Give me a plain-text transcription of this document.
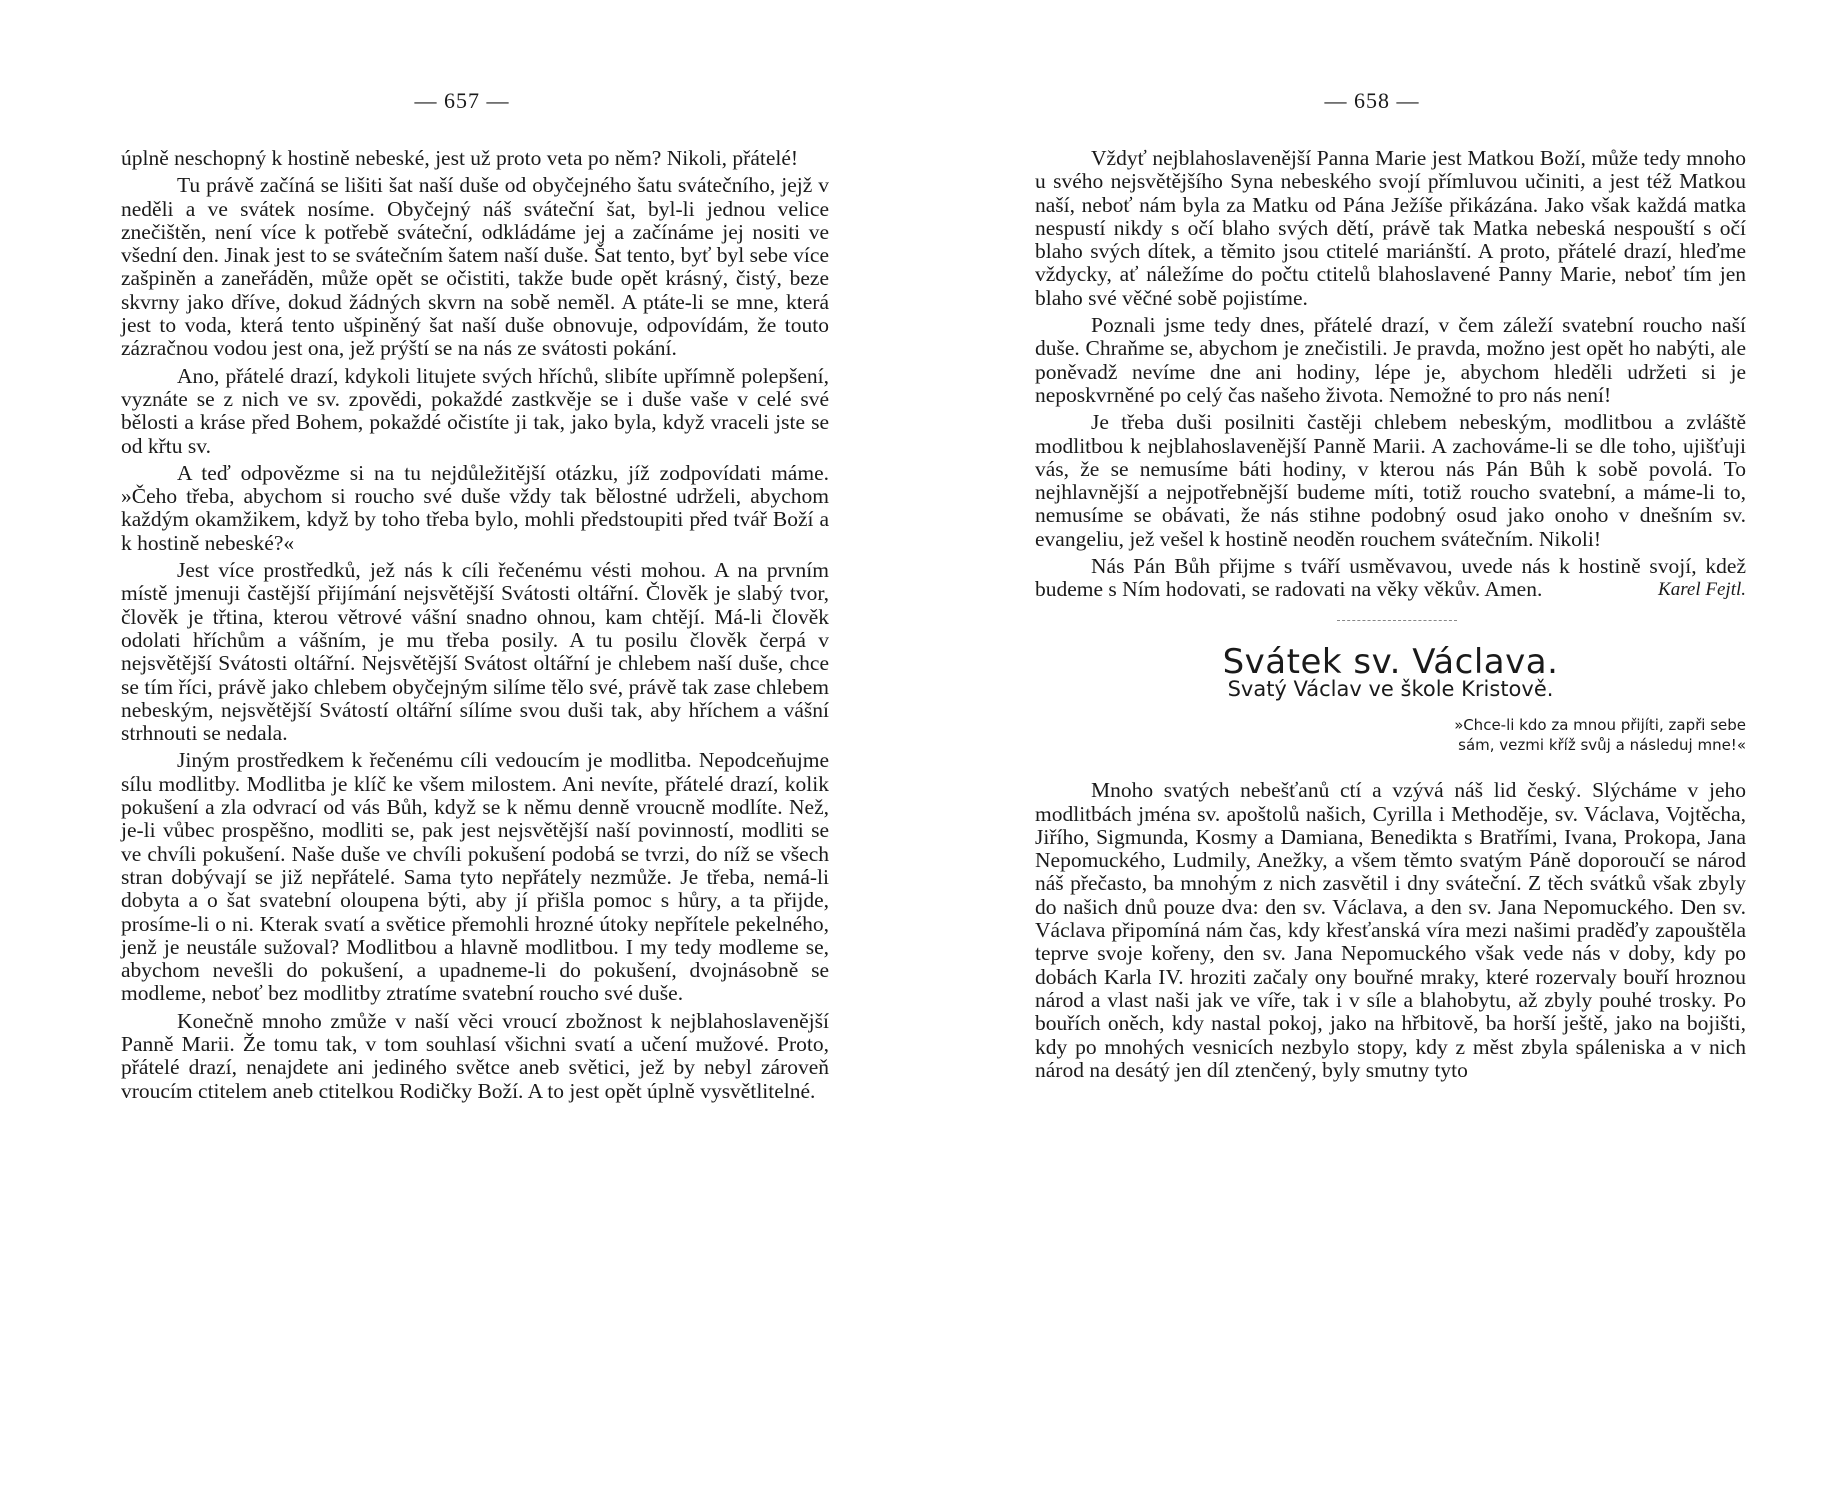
— 657 —

úplně neschopný k hostině nebeské, jest už proto veta po něm? Nikoli, přátelé!

Tu právě začíná se lišiti šat naší duše od obyčejného šatu svátečního, jejž v neděli a ve svátek nosíme. Obyčejný náš sváteční šat, byl-li jednou velice znečištěn, není více k potřebě sváteční, odkládáme jej a začínáme jej nositi ve všední den. Jinak jest to se svátečním šatem naší duše. Šat tento, byť byl sebe více zašpiněn a zaneřáděn, může opět se očistiti, takže bude opět krásný, čistý, beze skvrny jako dříve, dokud žádných skvrn na sobě neměl. A ptáte-li se mne, která jest to voda, která tento ušpiněný šat naší duše obnovuje, odpovídám, že touto zázračnou vodou jest ona, jež prýští se na nás ze svátosti pokání.

Ano, přátelé drazí, kdykoli litujete svých hříchů, slibíte upřímně polepšení, vyznáte se z nich ve sv. zpovědi, pokaždé zastkvěje se i duše vaše v celé své bělosti a kráse před Bohem, pokaždé očistíte ji tak, jako byla, když vraceli jste se od křtu sv.

A teď odpovězme si na tu nejdůležitější otázku, jíž zodpovídati máme. »Čeho třeba, abychom si roucho své duše vždy tak bělostné udrželi, abychom každým okamžikem, když by toho třeba bylo, mohli předstoupiti před tvář Boží a k hostině nebeské?«

Jest více prostředků, jež nás k cíli řečenému vésti mohou. A na prvním místě jmenuji častější přijímání nejsvětější Svátosti oltářní. Člověk je slabý tvor, člověk je třtina, kterou větrové vášní snadno ohnou, kam chtějí. Má-li člověk odolati hříchům a vášním, je mu třeba posily. A tu posilu člověk čerpá v nejsvětější Svátosti oltářní. Nejsvětější Svátost oltářní je chlebem naší duše, chce se tím říci, právě jako chlebem obyčejným silíme tělo své, právě tak zase chlebem nebeským, nejsvětější Svátostí oltářní sílíme svou duši tak, aby hříchem a vášní strhnouti se nedala.

Jiným prostředkem k řečenému cíli vedoucím je modlitba. Nepodceňujme sílu modlitby. Modlitba je klíč ke všem milostem. Ani nevíte, přátelé drazí, kolik pokušení a zla odvrací od vás Bůh, když se k němu denně vroucně modlíte. Než, je-li vůbec prospěšno, modliti se, pak jest nejsvětější naší povinností, modliti se ve chvíli pokušení. Naše duše ve chvíli pokušení podobá se tvrzi, do níž se všech stran dobývají se již nepřátelé. Sama tyto nepřátely nezmůže. Je třeba, nemá-li dobyta a o šat svatební oloupena býti, aby jí přišla pomoc s hůry, a ta přijde, prosíme-li o ni. Kterak svatí a světice přemohli hrozné útoky nepřítele pekelného, jenž je neustále sužoval? Modlitbou a hlavně modlitbou. I my tedy modleme se, abychom nevešli do pokušení, a upadneme-li do pokušení, dvojnásobně se modleme, neboť bez modlitby ztratíme svatební roucho své duše.

Konečně mnoho zmůže v naší věci vroucí zbožnost k nejblahoslavenější Panně Marii. Že tomu tak, v tom souhlasí všichni svatí a učení mužové. Proto, přátelé drazí, nenajdete ani jediného světce aneb světici, jež by nebyl zároveň vroucím ctitelem aneb ctitelkou Rodičky Boží. A to jest opět úplně vysvětlitelné.

— 658 —

Vždyť nejblahoslavenější Panna Marie jest Matkou Boží, může tedy mnoho u svého nejsvětějšího Syna nebeského svojí přímluvou učiniti, a jest též Matkou naší, neboť nám byla za Matku od Pána Ježíše přikázána. Jako však každá matka nespustí nikdy s očí blaho svých dětí, právě tak Matka nebeská nespouští s očí blaho svých dítek, a těmito jsou ctitelé mariánští. A proto, přátelé drazí, hleďme vždycky, ať náležíme do počtu ctitelů blahoslavené Panny Marie, neboť tím jen blaho své věčné sobě pojistíme.

Poznali jsme tedy dnes, přátelé drazí, v čem záleží svatební roucho naší duše. Chraňme se, abychom je znečistili. Je pravda, možno jest opět ho nabýti, ale poněvadž nevíme dne ani hodiny, lépe je, abychom hleděli udržeti si je neposkvrněné po celý čas našeho života. Nemožné to pro nás není!

Je třeba duši posilniti častěji chlebem nebeským, modlitbou a zvláště modlitbou k nejblahoslavenější Panně Marii. A zachováme-li se dle toho, ujišťuji vás, že se nemusíme báti hodiny, v kterou nás Pán Bůh k sobě povolá. To nejhlavnější a nejpotřebnější budeme míti, totiž roucho svatební, a máme-li to, nemusíme se obávati, že nás stihne podobný osud jako onoho v dnešním sv. evangeliu, jež vešel k hostině neoděn rouchem svátečním. Nikoli!

Nás Pán Bůh přijme s tváří usměvavou, uvede nás k hostině svojí, kdež budeme s Ním hodovati, se radovati na věky věkův. Amen.	Karel Fejtl.

Svátek sv. Václava.
Svatý Václav ve škole Kristově.
»Chce-li kdo za mnou přijíti, zapři sebe
sám, vezmi kříž svůj a následuj mne!«

Mnoho svatých nebešťanů ctí a vzývá náš lid český. Slýcháme v jeho modlitbách jména sv. apoštolů našich, Cyrilla i Methoděje, sv. Václava, Vojtěcha, Jiřího, Sigmunda, Kosmy a Damiana, Benedikta s Bratřími, Ivana, Prokopa, Jana Nepomuckého, Ludmily, Anežky, a všem těmto svatým Páně doporoučí se národ náš přečasto, ba mnohým z nich zasvětil i dny sváteční. Z těch svátků však zbyly do našich dnů pouze dva: den sv. Václava, a den sv. Jana Nepomuckého. Den sv. Václava připomíná nám čas, kdy křesťanská víra mezi našimi praděďy zapouštěla teprve svoje kořeny, den sv. Jana Nepomuckého však vede nás v doby, kdy po dobách Karla IV. hroziti začaly ony bouřné mraky, které rozervaly bouří hroznou národ a vlast naši jak ve víře, tak i v síle a blahobytu, až zbyly pouhé trosky. Po bouřích oněch, kdy nastal pokoj, jako na hřbitově, ba horší ještě, jako na bojišti, kdy po mnohých vesnicích nezbylo stopy, kdy z měst zbyla spáleniska a v nich národ na desátý jen díl ztenčený, byly smutny tyto
